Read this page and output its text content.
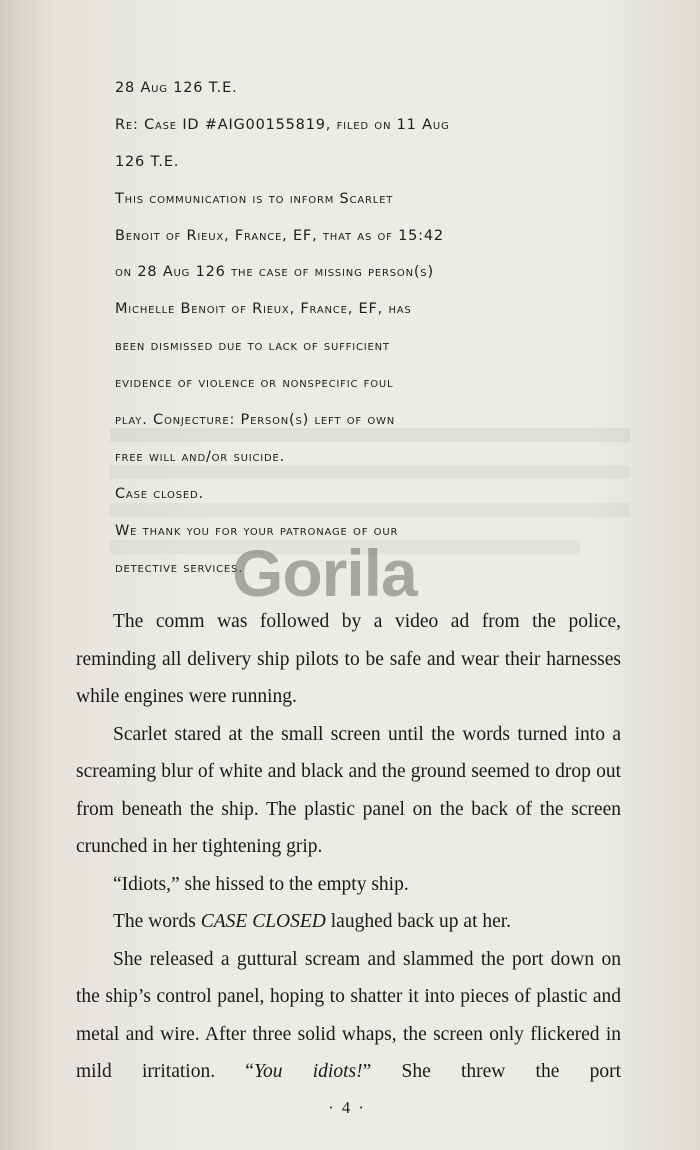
28 Aug 126 T.E.
Re: Case ID #AIG00155819, filed on 11 Aug
126 T.E.
This communication is to inform Scarlet
Benoit of Rieux, France, EF, that as of 15:42
on 28 Aug 126 the case of missing person(s)
Michelle Benoit of Rieux, France, EF, has
been dismissed due to lack of sufficient
evidence of violence or nonspecific foul
play. Conjecture: Person(s) left of own
free will and/or suicide.
Case closed.
We thank you for your patronage of our
detective services.
Gorila

The comm was followed by a video ad from the police, reminding all delivery ship pilots to be safe and wear their harnesses while engines were running.

Scarlet stared at the small screen until the words turned into a screaming blur of white and black and the ground seemed to drop out from beneath the ship. The plastic panel on the back of the screen crunched in her tightening grip.

“Idiots,” she hissed to the empty ship.

The words CASE CLOSED laughed back up at her.

She released a guttural scream and slammed the port down on the ship’s control panel, hoping to shatter it into pieces of plastic and metal and wire. After three solid whaps, the screen only flickered in mild irritation. “You idiots!” She threw the port

·4·
